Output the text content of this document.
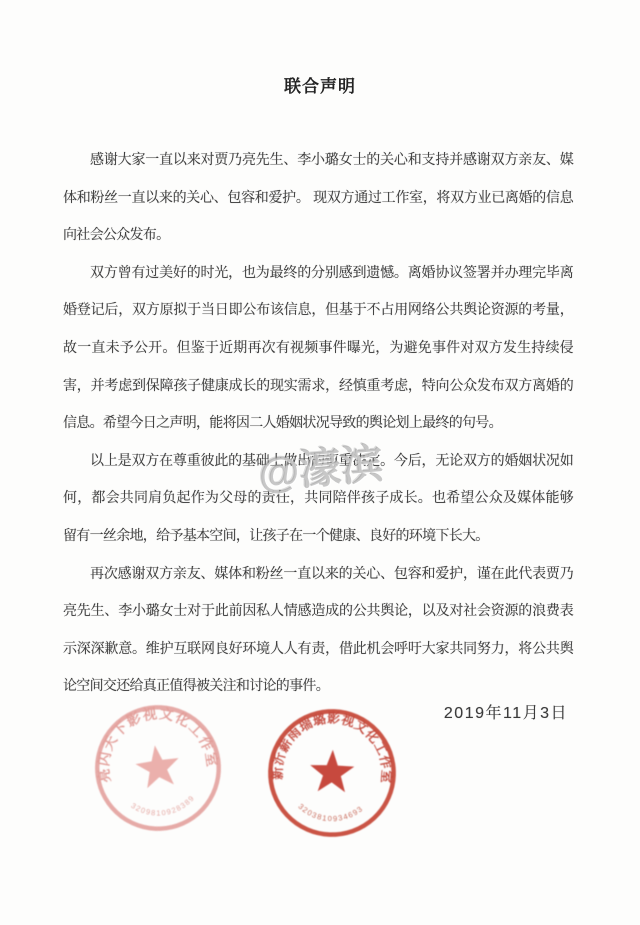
联合声明
感谢大家一直以来对贾乃亮先生、李小璐女士的关心和支持并感谢双方亲友、媒
体和粉丝一直以来的关心、包容和爱护。 现双方通过工作室，将双方业已离婚的信息
向社会公众发布。
双方曾有过美好的时光，也为最终的分别感到遗憾。离婚协议签署并办理完毕离
婚登记后，双方原拟于当日即公布该信息，但基于不占用网络公共舆论资源的考量，
故一直未予公开。但鉴于近期再次有视频事件曝光，为避免事件对双方发生持续侵
害，并考虑到保障孩子健康成长的现实需求，经慎重考虑，特向公众发布双方离婚的
信息。希望今日之声明，能将因二人婚姻状况导致的舆论划上最终的句号。
以上是双方在尊重彼此的基础上做出的慎重决定。今后，无论双方的婚姻状况如
何，都会共同肩负起作为父母的责任，共同陪伴孩子成长。也希望公众及媒体能够
留有一丝余地，给予基本空间，让孩子在一个健康、良好的环境下长大。
再次感谢双方亲友、媒体和粉丝一直以来的关心、包容和爱护，谨在此代表贾乃
亮先生、李小璐女士对于此前因私人情感造成的公共舆论，以及对社会资源的浪费表
示深深歉意。维护互联网良好环境人人有责，借此机会呼吁大家共同努力，将公共舆
论空间交还给真正值得被关注和讨论的事件。
@濠滨
2019年11月3日
亮闪天下影视文化工作室
3209810928389
新沂薪雨瑞璐影视文化工作室
3203810934693
